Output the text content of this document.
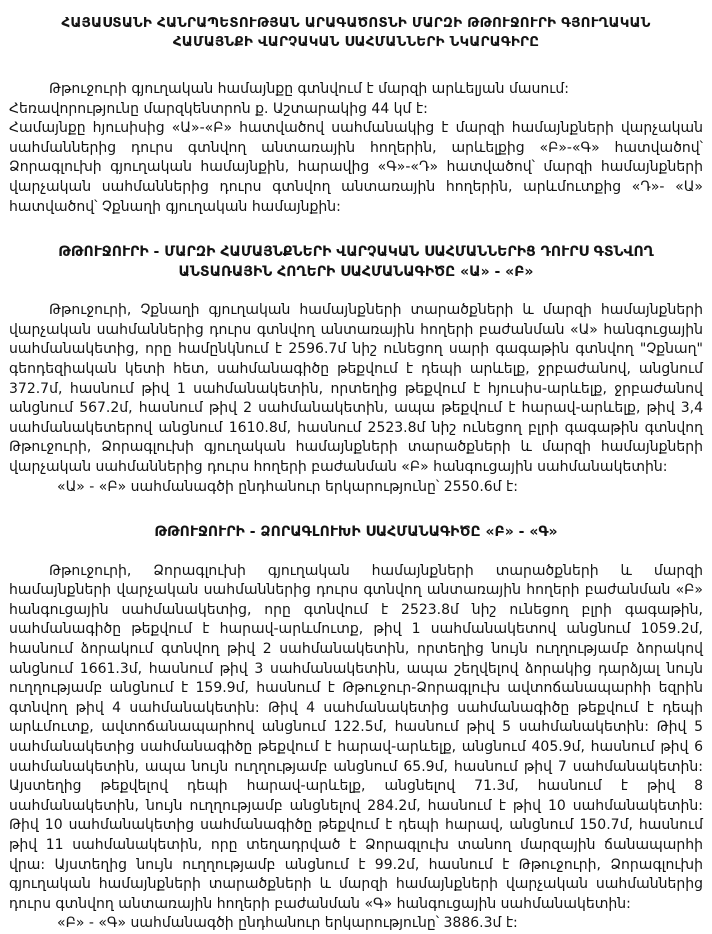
ՀԱՅԱՍՏԱՆԻ ՀԱՆՐԱՊԵՏՈՒԹՅԱՆ ԱՐԱԳԱԾՈՏՆԻ ՄԱՐԶԻ ԹԹՈՒՋՈՒՐԻ ԳՅՈՒՂԱԿԱՆ
ՀԱՄԱՅՆՔԻ ՎԱՐՉԱԿԱՆ ՍԱՀՄԱՆՆԵՐԻ ՆԿԱՐԱԳԻՐԸ

Թթուջուրի գյուղական համայնքը գտնվում է մարզի արևելյան մասում:

Հեռավորությունը մարզկենտրոն ք. Աշտարակից 44 կմ է:

Համայնքը հյուսիսից «Ա»-«Բ» հատվածով սահմանակից է մարզի համայնքների վարչական սահմաններից դուրս գտնվող անտառային հողերին, արևելքից «Բ»-«Գ» հատվածով՝ Ձորագլուխի գյուղական համայնքին, հարավից «Գ»-«Դ» հատվածով՝ մարզի համայնքների վարչական սահմաններից դուրս գտնվող անտառային հողերին, արևմուտքից «Դ»- «Ա» հատվածով՝ Չքնաղի գյուղական համայնքին:

ԹԹՈՒՋՈՒՐԻ - ՄԱՐԶԻ ՀԱՄԱՅՆՔՆԵՐԻ ՎԱՐՉԱԿԱՆ ՍԱՀՄԱՆՆԵՐԻՑ ԴՈՒՐՍ ԳՏՆՎՈՂ
ԱՆՏԱՌԱՅԻՆ ՀՈՂԵՐԻ ՍԱՀՄԱՆԱԳԻԾԸ «Ա» - «Բ»

Թթուջուրի, Չքնաղի գյուղական համայնքների տարածքների և մարզի համայնքների վարչական սահմաններից դուրս գտնվող անտառային հողերի բաժանման «Ա» հանգուցային սահմանակետից, որը համընկնում է 2596.7մ նիշ ունեցող սարի գագաթին գտնվող "Չքնաղ" գեոդեզիական կետի հետ, սահմանագիծը թեքվում է դեպի արևելք, ջրբաժանով, անցնում 372.7մ, հասնում թիվ 1 սահմանակետին, որտեղից թեքվում է հյուսիս-արևելք, ջրբաժանով անցնում 567.2մ, հասնում թիվ 2 սահմանակետին, ապա թեքվում է հարավ-արևելք, թիվ 3,4 սահմանակետերով անցնում 1610.8մ, հասնում 2523.8մ նիշ ունեցող բլրի գագաթին գտնվող Թթուջուրի, Ձորագլուխի գյուղական համայնքների տարածքների և մարզի համայնքների վարչական սահմաններից դուրս հողերի բաժանման «Բ» հանգուցային սահմանակետին:

«Ա» - «Բ» սահմանագծի ընդհանուր երկարությունը՝ 2550.6մ է:

ԹԹՈՒՋՈՒՐԻ - ՁՈՐԱԳԼՈՒԽԻ ՍԱՀՄԱՆԱԳԻԾԸ «Բ» - «Գ»

Թթուջուրի, Ձորագլուխի գյուղական համայնքների տարածքների և մարզի համայնքների վարչական սահմաններից դուրս գտնվող անտառային հողերի բաժանման «Բ» հանգուցային սահմանակետից, որը գտնվում է 2523.8մ նիշ ունեցող բլրի գագաթին, սահմանագիծը թեքվում է հարավ-արևմուտք, թիվ 1 սահմանակետով անցնում 1059.2մ, հասնում ձորակում գտնվող թիվ 2 սահմանակետին, որտեղից նույն ուղղությամբ ձորակով անցնում 1661.3մ, հասնում թիվ 3 սահմանակետին, ապա շեղվելով ձորակից դարձյալ նույն ուղղությամբ անցնում է 159.9մ, հասնում է Թթուջուր-Ձորագլուխ ավտոճանապարհի եզրին գտնվող թիվ 4 սահմանակետին: Թիվ 4 սահմանակետից սահմանագիծը թեքվում է դեպի արևմուտք, ավտոճանապարհով անցնում 122.5մ, հասնում թիվ 5 սահմանակետին: Թիվ 5 սահմանակետից սահմանագիծը թեքվում է հարավ-արևելք, անցնում 405.9մ, հասնում թիվ 6 սահմանակետին, ապա նույն ուղղությամբ անցնում 65.9մ, հասնում թիվ 7 սահմանակետին: Այստեղից թեքվելով դեպի հարավ-արևելք, անցնելով 71.3մ, հասնում է թիվ 8 սահմանակետին, նույն ուղղությամբ անցնելով 284.2մ, հասնում է թիվ 10 սահմանակետին: Թիվ 10 սահմանակետից սահմանագիծը թեքվում է դեպի հարավ, անցնում 150.7մ, հասնում թիվ 11 սահմանակետին, որը տեղադրված է Ձորագլուխ տանող մարզային ճանապարհի վրա: Այստեղից նույն ուղղությամբ անցնում է 99.2մ, հասնում է Թթուջուրի, Ձորագլուխի գյուղական համայնքների տարածքների և մարզի համայնքների վարչական սահմաններից դուրս գտնվող անտառային հողերի բաժանման «Գ» հանգուցային սահմանակետին:

«Բ» - «Գ» սահմանագծի ընդհանուր երկարությունը՝ 3886.3մ է:
